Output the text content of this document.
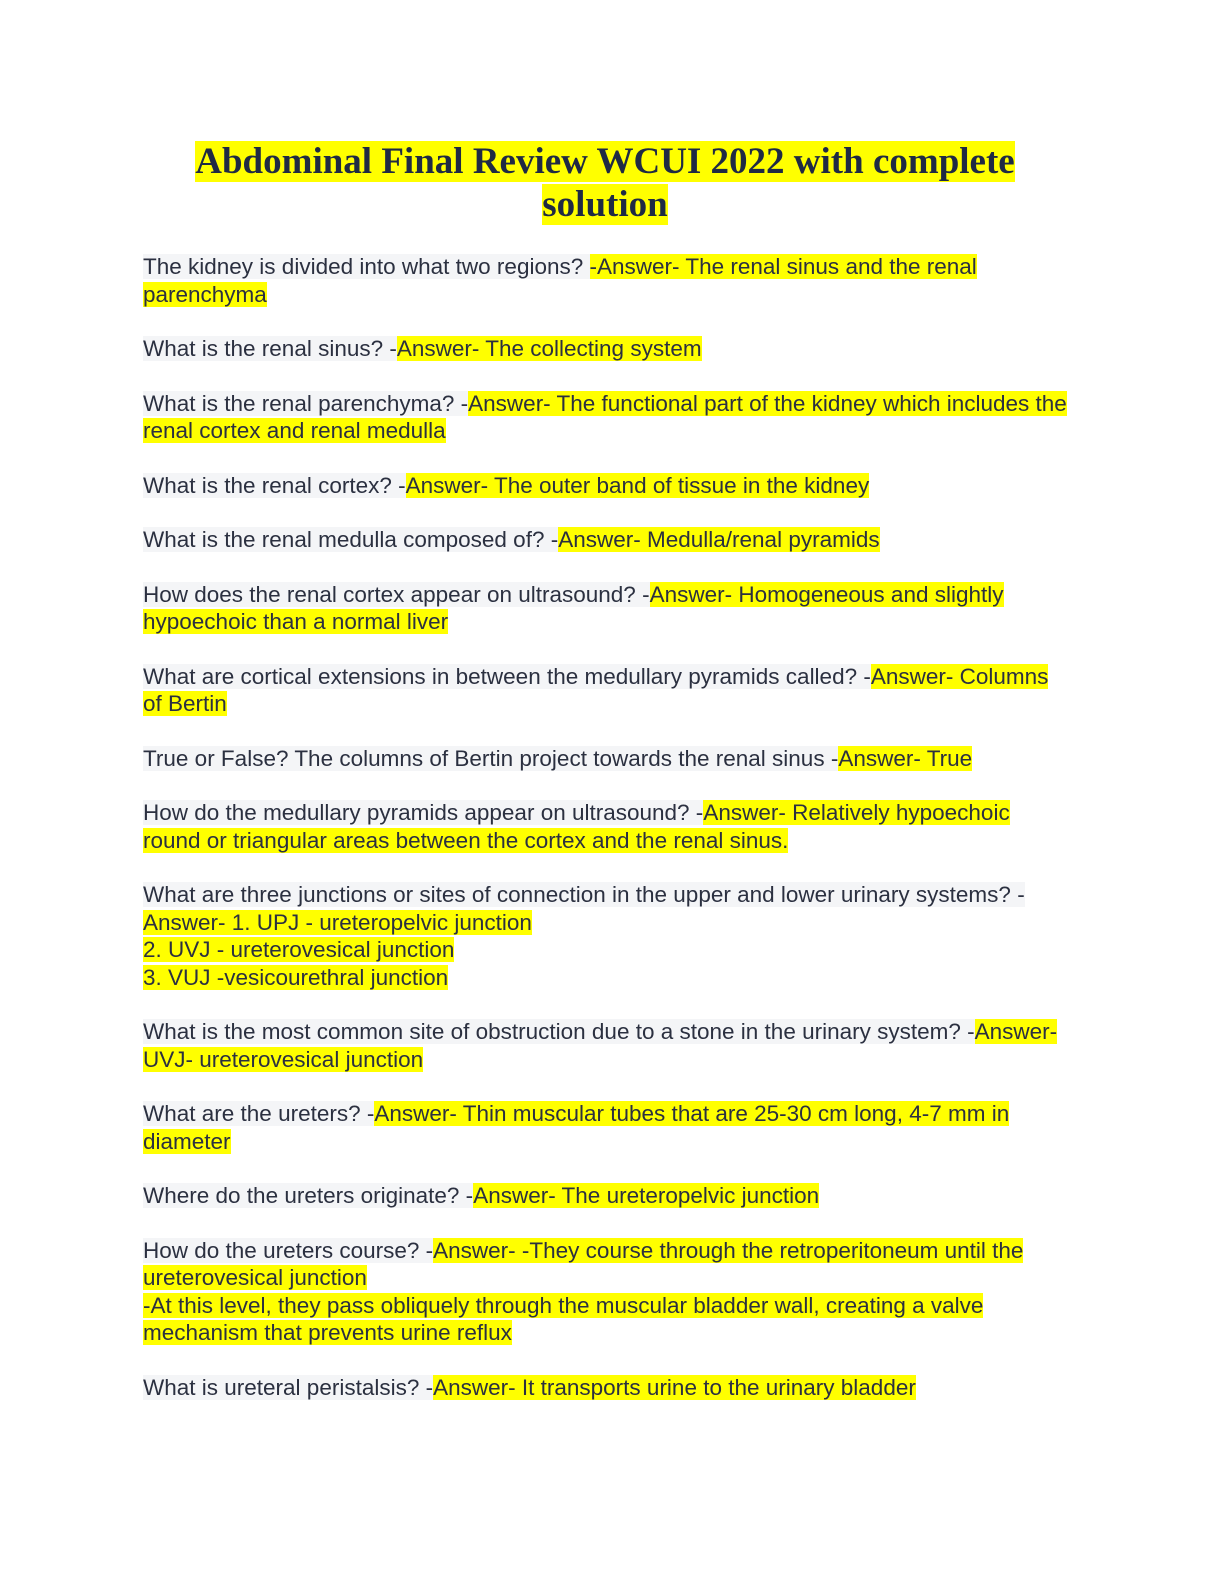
Abdominal Final Review WCUI 2022 with complete solution

The kidney is divided into what two regions? -Answer- The renal sinus and the renal parenchyma

What is the renal sinus? -Answer- The collecting system

What is the renal parenchyma? -Answer- The functional part of the kidney which includes the renal cortex and renal medulla

What is the renal cortex? -Answer- The outer band of tissue in the kidney

What is the renal medulla composed of? -Answer- Medulla/renal pyramids

How does the renal cortex appear on ultrasound? -Answer- Homogeneous and slightly hypoechoic than a normal liver

What are cortical extensions in between the medullary pyramids called? -Answer- Columns of Bertin

True or False? The columns of Bertin project towards the renal sinus -Answer- True

How do the medullary pyramids appear on ultrasound? -Answer- Relatively hypoechoic round or triangular areas between the cortex and the renal sinus.

What are three junctions or sites of connection in the upper and lower urinary systems? -Answer- 1. UPJ - ureteropelvic junction
2. UVJ - ureterovesical junction
3. VUJ -vesicourethral junction

What is the most common site of obstruction due to a stone in the urinary system? -Answer- UVJ- ureterovesical junction

What are the ureters? -Answer- Thin muscular tubes that are 25-30 cm long, 4-7 mm in diameter

Where do the ureters originate? -Answer- The ureteropelvic junction

How do the ureters course? -Answer- -They course through the retroperitoneum until the ureterovesical junction
-At this level, they pass obliquely through the muscular bladder wall, creating a valve mechanism that prevents urine reflux

What is ureteral peristalsis? -Answer- It transports urine to the urinary bladder
